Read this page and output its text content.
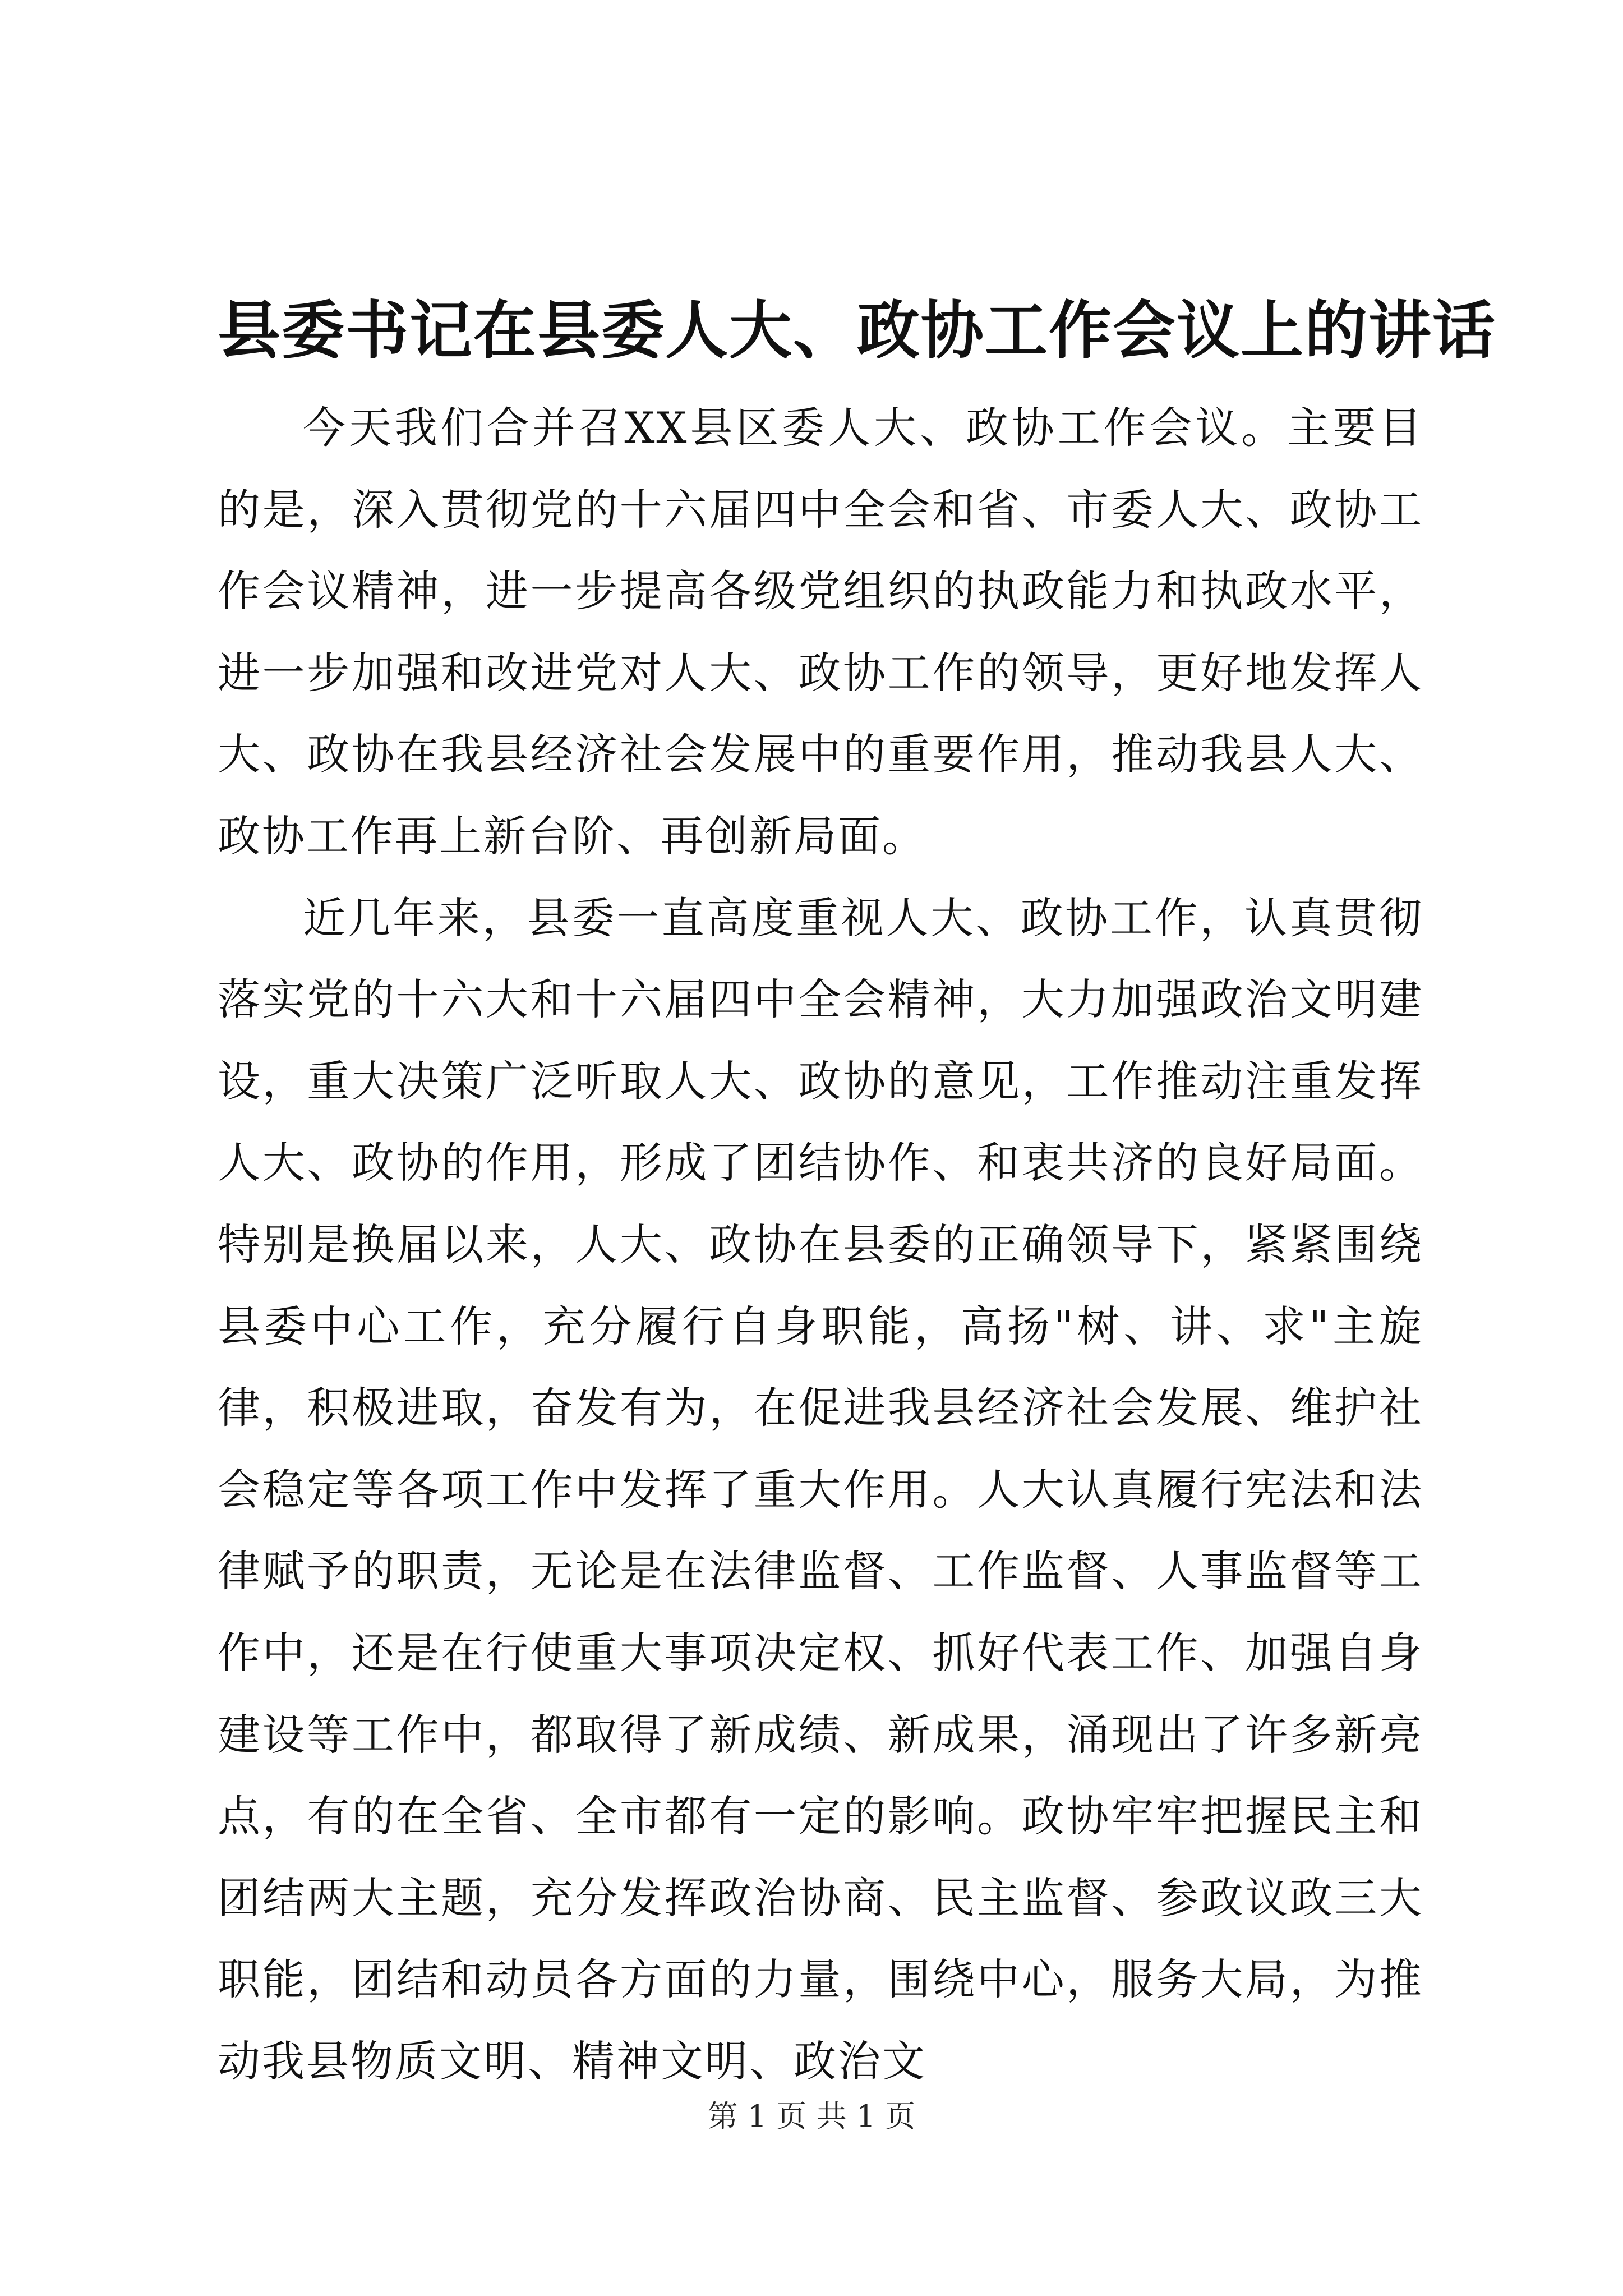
县委书记在县委人大、政协工作会议上的讲话

今天我们合并召XX县区委人大、政协工作会议。主要目的是，深入贯彻党的十六届四中全会和省、市委人大、政协工作会议精神，进一步提高各级党组织的执政能力和执政水平，进一步加强和改进党对人大、政协工作的领导，更好地发挥人大、政协在我县经济社会发展中的重要作用，推动我县人大、政协工作再上新台阶、再创新局面。

近几年来，县委一直高度重视人大、政协工作，认真贯彻落实党的十六大和十六届四中全会精神，大力加强政治文明建设，重大决策广泛听取人大、政协的意见，工作推动注重发挥人大、政协的作用，形成了团结协作、和衷共济的良好局面。特别是换届以来，人大、政协在县委的正确领导下，紧紧围绕县委中心工作，充分履行自身职能，高扬"树、讲、求"主旋律，积极进取，奋发有为，在促进我县经济社会发展、维护社会稳定等各项工作中发挥了重大作用。人大认真履行宪法和法律赋予的职责，无论是在法律监督、工作监督、人事监督等工作中，还是在行使重大事项决定权、抓好代表工作、加强自身建设等工作中，都取得了新成绩、新成果，涌现出了许多新亮点，有的在全省、全市都有一定的影响。政协牢牢把握民主和团结两大主题，充分发挥政治协商、民主监督、参政议政三大职能，团结和动员各方面的力量，围绕中心，服务大局，为推动我县物质文明、精神文明、政治文

第 1 页 共 1 页
